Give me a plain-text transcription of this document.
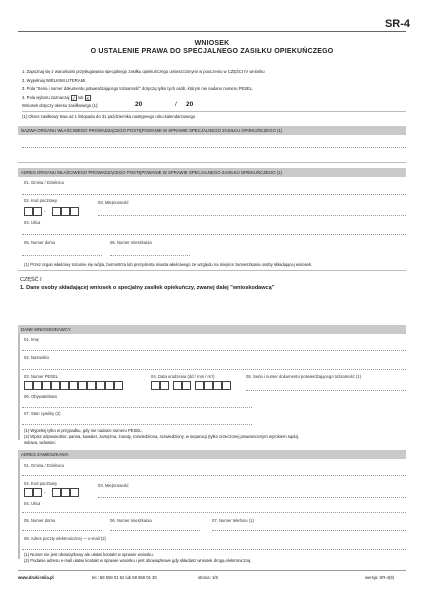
SR-4
WNIOSEK
O USTALENIE PRAWA DO SPECJALNEGO ZASIŁKU OPIEKUŃCZEGO
1. Zapoznaj się z warunkami przysługiwania specjalnego zasiłku opiekuńczego umieszczonymi w pouczeniu w CZĘŚCI IV wniosku
2. Wypełniaj WIELKIMI LITERAMI.
3. Pola "Seria i numer dokumentu potwierdzającego tożsamość" dotyczą tylko tych osób, którym nie nadano numeru PESEL.
4. Pola wyboru zaznaczaj √ lub X
Wniosek dotyczy okresu zasiłkowego (1):	20	/ 20
(1) Okres zasiłkowy trwa od 1 listopada do 31 października następnego roku kalendarzowego
NAZWA ORGANU WŁAŚCIWEGO PROWADZĄCEGO POSTĘPOWANIE W SPRAWIE SPECJALNEGO ZASIŁKU OPIEKUŃCZEGO (1)
ADRES ORGANU WŁAŚCIWEGO PROWADZĄCEGO POSTĘPOWANIE W SPRAWIE SPECJALNEGO ZASIŁKU OPIEKUŃCZEGO (1)
01. Gmina / Dzielnica
02. Kod pocztowy	03. Miejscowość
-
04. Ulica
05. Numer domu	06. Numer mieszkania
(1) Przez organ właściwy rozumie się wójta, burmistrza lub prezydenta miasta właściwego ze względu na miejsce zamieszkania osoby składającej wniosek.
CZĘŚĆ I
1. Dane osoby składającej wniosek o specjalny zasiłek opiekuńczy, zwanej dalej "wnioskodawcą"
DANE WNIOSKODAWCY
01. Imię
02. Nazwisko
03. Numer PESEL	04. Data urodzenia (dd / mm / rrrr)	05. Seria i numer dokumentu potwierdzającego tożsamość (1)
06. Obywatelstwo
07. Stan cywilny (2)
(1) Wypełnij tylko w przypadku, gdy nie nadano numeru PESEL.
(2) Wpisz odpowiednio: panna, kawaler, zamężna, żonaty, rozwiedziona, rozwiedziony, w separacji (tylko orzeczonej prawomocnym wyrokiem sądu),
wdowa, wdowiec.
ADRES ZAMIESZKANIA
01. Gmina / Dzielnica
02. Kod pocztowy	03. Miejscowość
-
04. Ulica
05. Numer domu	06. Numer mieszkania	07. Numer telefonu (1)
08. Adres poczty elektronicznej — e-mail (2)
(1) Numer nie jest obowiązkowy ale ułatwi kontakt w sprawie wniosku.
(2) Podanie adresu e-mail ułatwi kontakt w sprawie wniosku i jest obowiązkowe gdy składasz wniosek drogą elektroniczną.
www.druki-mila.pl	tel.: 58 559 01 52 lub 58 559 01 30	strona: 1/8	wersja: SR-4(9)
